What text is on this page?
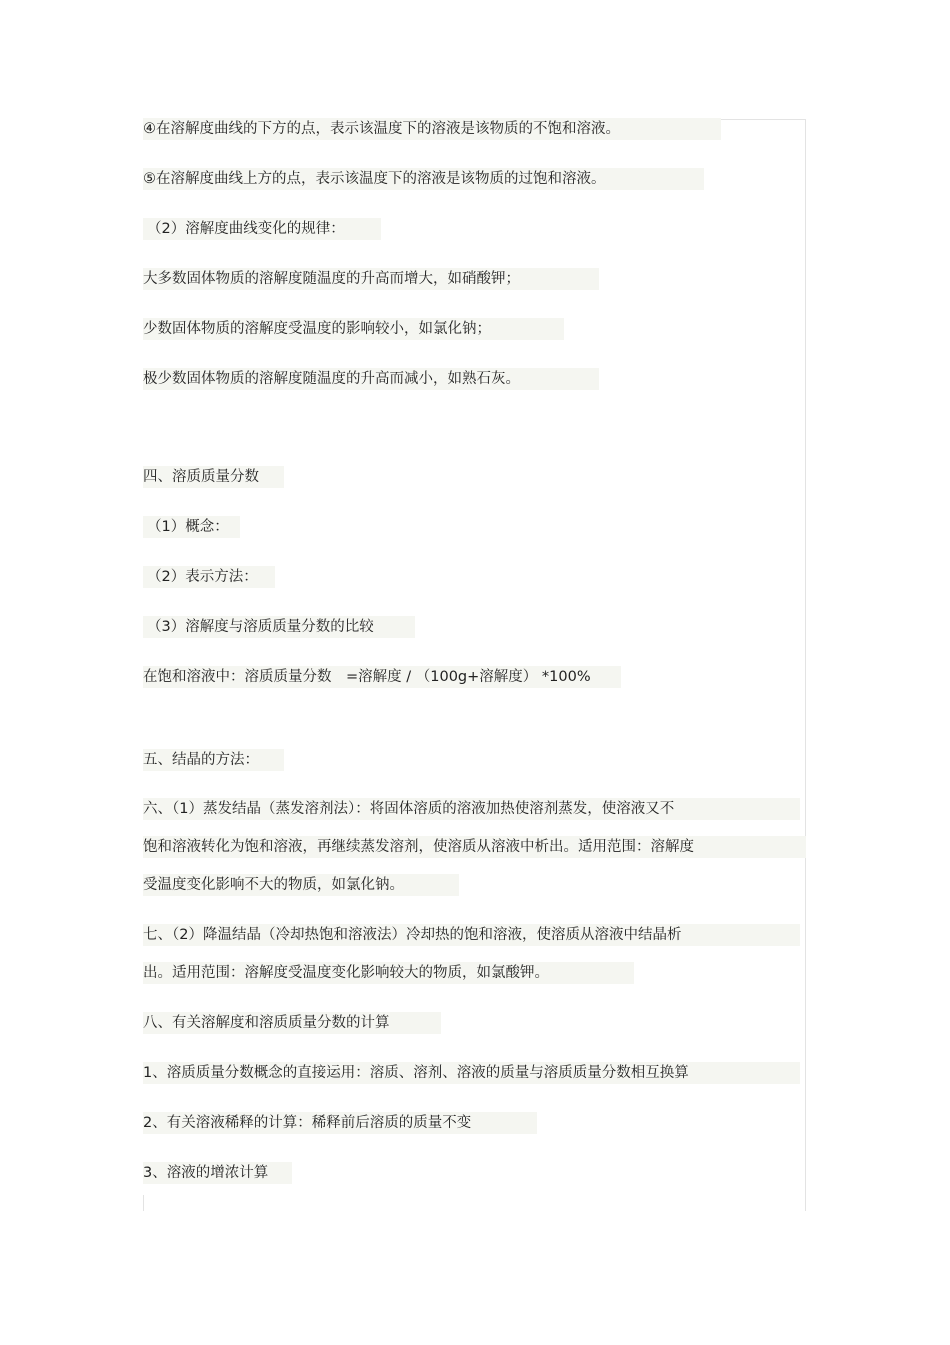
④在溶解度曲线的下方的点，表示该温度下的溶液是该物质的不饱和溶液。
⑤在溶解度曲线上方的点，表示该温度下的溶液是该物质的过饱和溶液。
（2）溶解度曲线变化的规律：
大多数固体物质的溶解度随温度的升高而增大，如硝酸钾；
少数固体物质的溶解度受温度的影响较小，如氯化钠；
极少数固体物质的溶解度随温度的升高而减小，如熟石灰。
四、溶质质量分数
（1）概念：
（2）表示方法：
（3）溶解度与溶质质量分数的比较
在饱和溶液中：溶质质量分数　=溶解度 / （100g+溶解度） *100%
五、结晶的方法：
六、（1）蒸发结晶（蒸发溶剂法）：将固体溶质的溶液加热使溶剂蒸发，使溶液又不
饱和溶液转化为饱和溶液，再继续蒸发溶剂，使溶质从溶液中析出。适用范围：溶解度
受温度变化影响不大的物质，如氯化钠。
七、（2）降温结晶（冷却热饱和溶液法）冷却热的饱和溶液，使溶质从溶液中结晶析
出。适用范围：溶解度受温度变化影响较大的物质，如氯酸钾。
八、有关溶解度和溶质质量分数的计算
1、溶质质量分数概念的直接运用：溶质、溶剂、溶液的质量与溶质质量分数相互换算
2、有关溶液稀释的计算：稀释前后溶质的质量不变
3、溶液的增浓计算
